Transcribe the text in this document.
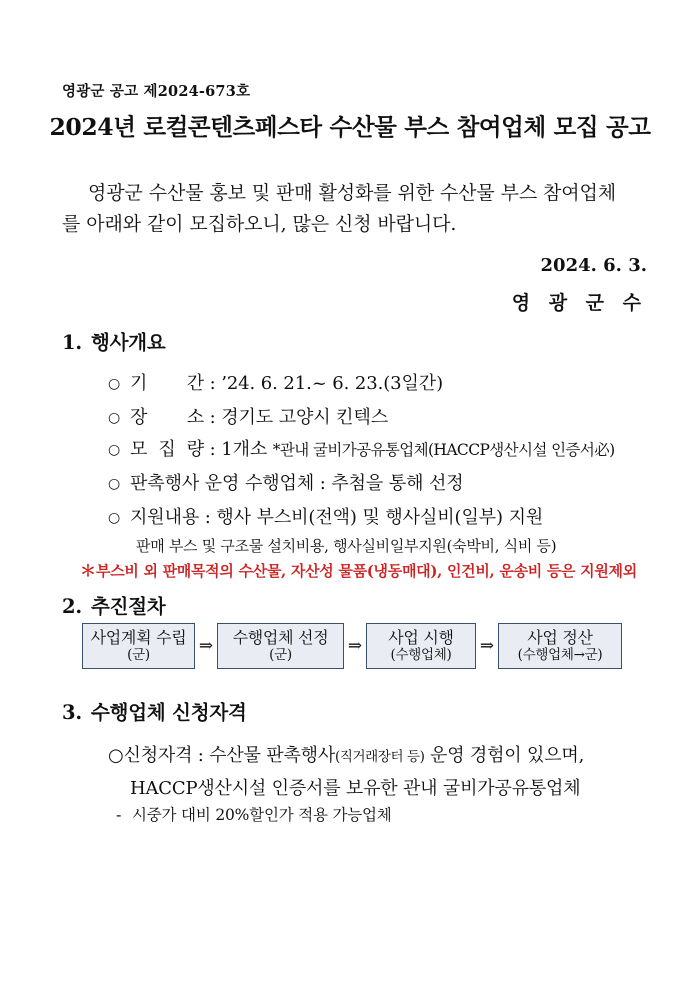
영광군 공고 제2024-673호
2024년 로컬콘텐츠페스타 수산물 부스 참여업체 모집 공고
영광군 수산물 홍보 및 판매 활성화를 위한 수산물 부스 참여업체
를 아래와 같이 모집하오니, 많은 신청 바랍니다.
2024. 6. 3.
영 광 군 수
1. 행사개요
○ 기 간 : ’24. 6. 21.~ 6. 23.(3일간)
○ 장 소 : 경기도 고양시 킨텍스
○ 모 집 량 : 1개소 *관내 굴비가공유통업체(HACCP생산시설 인증서必)
○ 판촉행사 운영 수행업체 : 추첨을 통해 선정
○ 지원내용 : 행사 부스비(전액) 및 행사실비(일부) 지원
판매 부스 및 구조물 설치비용, 행사실비일부지원(숙박비, 식비 등)
＊부스비 외 판매목적의 수산물, 자산성 물품(냉동매대), 인건비, 운송비 등은 지원제외
2. 추진절차
사업계획 수립
(군)	⇒ 수행업체 선정
(군)	⇒ 사업 시행
(수행업체) ⇒ 사업 정산
(수행업체→군)
3. 수행업체 신청자격
○신청자격 : 수산물 판촉행사(직거래장터 등) 운영 경험이 있으며,
HACCP생산시설 인증서를 보유한 관내 굴비가공유통업체
- 시중가 대비 20%할인가 적용 가능업체
